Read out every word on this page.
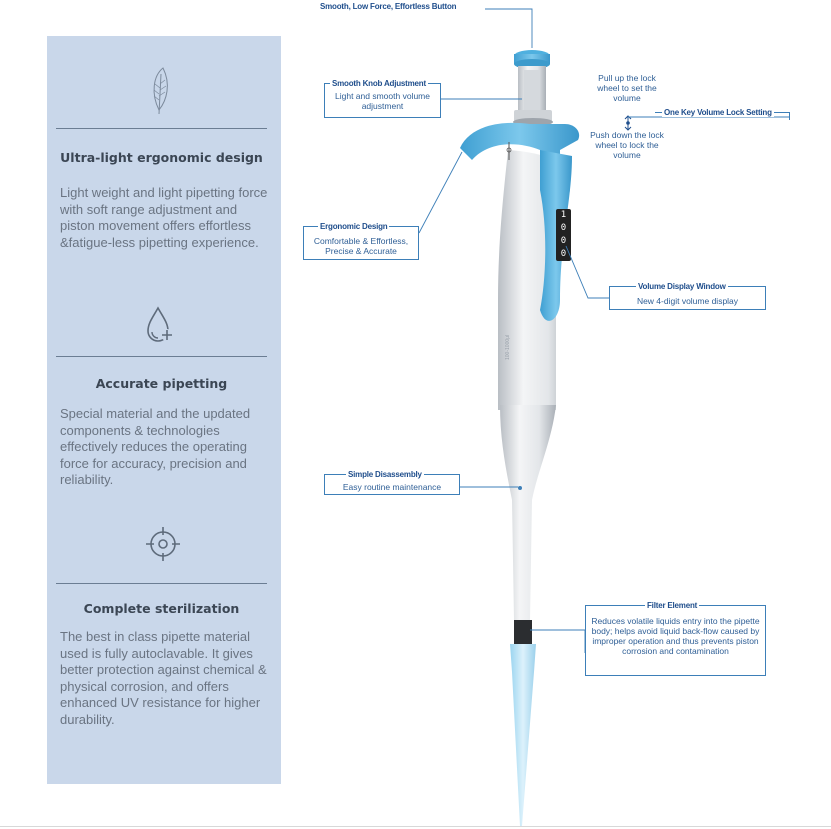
Ultra-light ergonomic design
Light weight and light pipetting force with soft range adjustment and piston movement offers effortless &fatigue-less pipetting experience.
Accurate pipetting
Special material and the updated components & technologies effectively reduces the operating force for accuracy, precision and reliability.
Complete sterilization
The best in class pipette material used is fully autoclavable. It gives better protection against chemical & physical corrosion, and offers enhanced UV resistance for higher durability.
1
0
0
0
100-1000μl
Smooth, Low Force, Effortless Button
Smooth Knob Adjustment
Light and smooth volume adjustment
One Key Volume Lock Setting
Pull up the lock wheel to set the volume
Push down the lock wheel to lock the volume
Ergonomic Design
Comfortable & Effortless, Precise & Accurate
Volume Display Window
New 4-digit volume display
Simple Disassembly
Easy routine maintenance
Filter Element
Reduces volatile liquids entry into the pipette body; helps avoid liquid back-flow caused by improper operation and thus prevents piston corrosion and contamination
